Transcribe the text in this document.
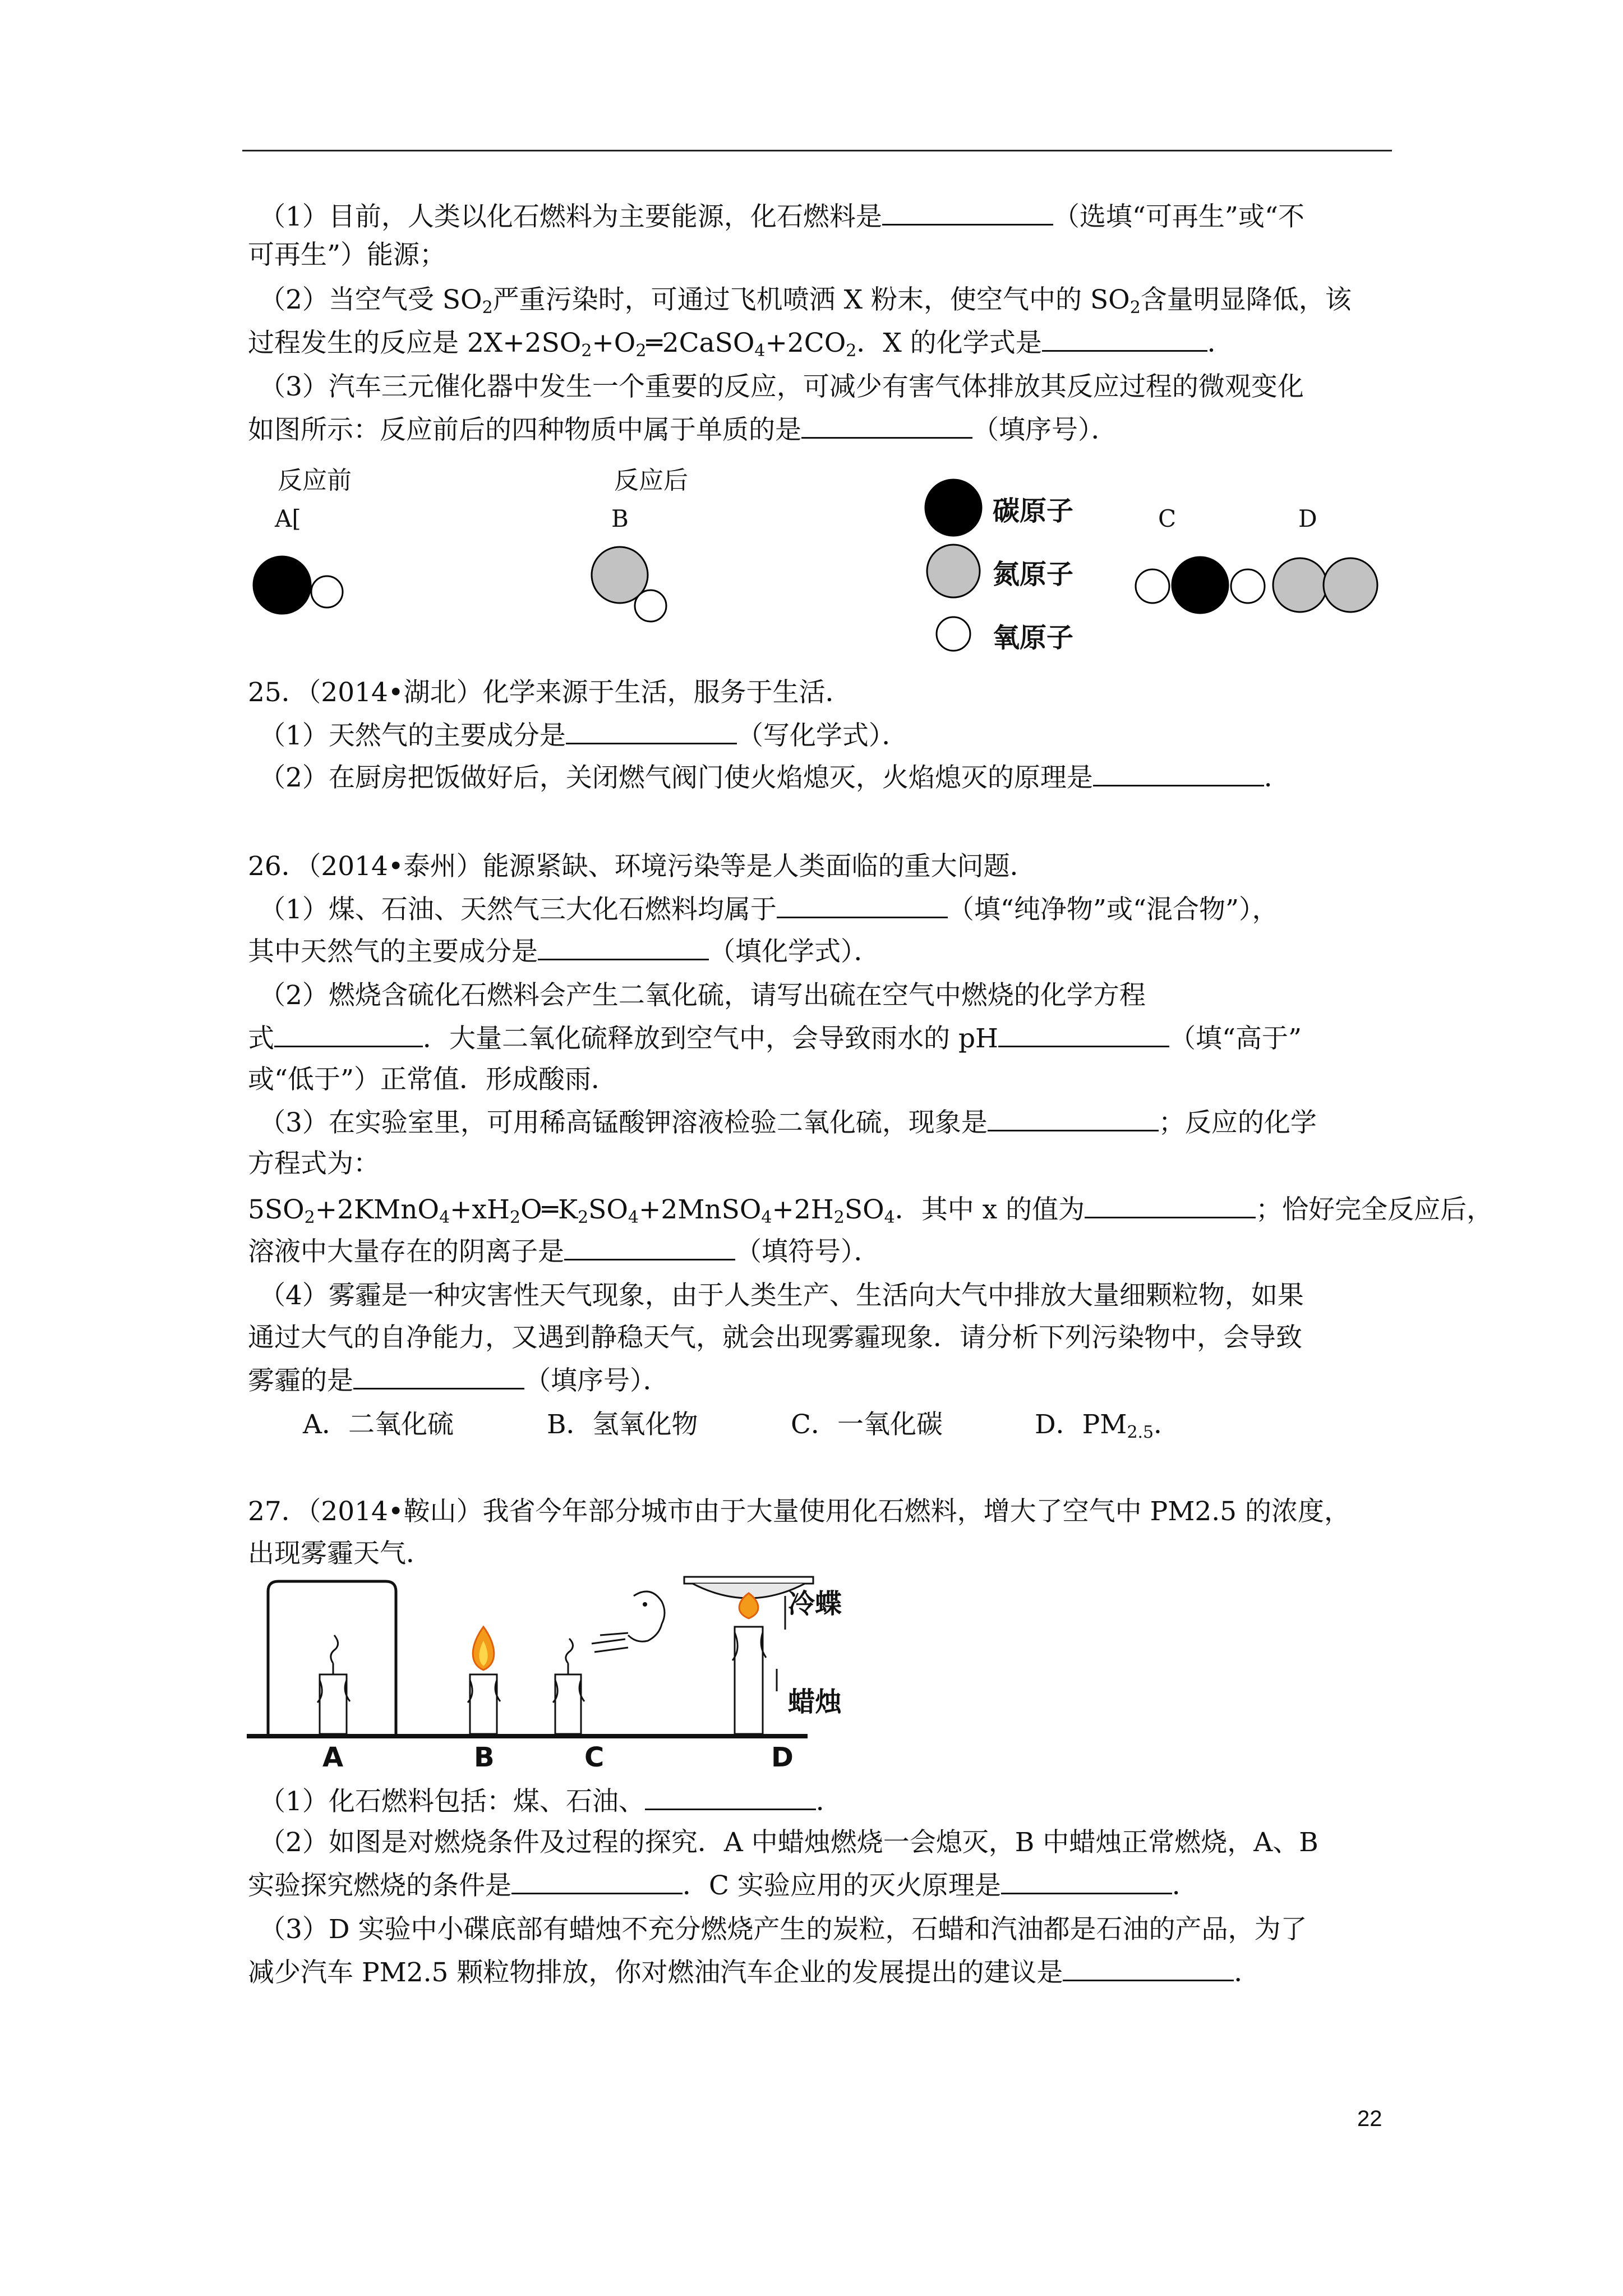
（1）目前，人类以化石燃料为主要能源，化石燃料是	（选填“可再生”或“不
可再生”）能源；
（2）当空气受 $SO_2$严重污染时，可通过飞机喷洒 X 粉末，使空气中的 $SO_2$含量明显降低，该
过程发生的反应是 $2X+2SO_2+O_2═2CaSO_4+2CO_2$．X 的化学式是	．
（3）汽车三元催化器中发生一个重要的反应，可减少有害气体排放其反应过程的微观变化
如图所示：反应前后的四种物质中属于单质的是	（填序号）．
反应前	反应后
A[	B	C	D
碳原子
氮原子
氧原子
25．（2014•湖北）化学来源于生活，服务于生活．
（1）天然气的主要成分是	（写化学式）．
（2）在厨房把饭做好后，关闭燃气阀门使火焰熄灭，火焰熄灭的原理是	．
26．（2014•泰州）能源紧缺、环境污染等是人类面临的重大问题．
（1）煤、石油、天然气三大化石燃料均属于	（填“纯净物”或“混合物”），
其中天然气的主要成分是	（填化学式）．
（2）燃烧含硫化石燃料会产生二氧化硫，请写出硫在空气中燃烧的化学方程
式	．大量二氧化硫释放到空气中，会导致雨水的 pH	（填“高于”
或“低于”）正常值．形成酸雨．
（3）在实验室里，可用稀高锰酸钾溶液检验二氧化硫，现象是	；反应的化学
方程式为：
$5SO_2+2KMnO_4+xH_2O═K_2SO_4+2MnSO_4+2H_2SO_4$．其中 x 的值为	；恰好完全反应后，
溶液中大量存在的阴离子是	（填符号）．
（4）雾霾是一种灾害性天气现象，由于人类生产、生活向大气中排放大量细颗粒物，如果
通过大气的自净能力，又遇到静稳天气，就会出现雾霾现象．请分析下列污染物中，会导致
雾霾的是	（填序号）．
A．二氧化硫	B．氢氧化物	C．一氧化碳	D．PM2.5．
27．（2014•鞍山）我省今年部分城市由于大量使用化石燃料，增大了空气中 PM2.5 的浓度，
出现雾霾天气．
冷蝶
蜡烛
A	B	C	D
（1）化石燃料包括：煤、石油、	．
（2）如图是对燃烧条件及过程的探究．A 中蜡烛燃烧一会熄灭，B 中蜡烛正常燃烧，A、B
实验探究燃烧的条件是	．C 实验应用的灭火原理是	．
（3）D 实验中小碟底部有蜡烛不充分燃烧产生的炭粒，石蜡和汽油都是石油的产品，为了
减少汽车 PM2.5 颗粒物排放，你对燃油汽车企业的发展提出的建议是	．
22
